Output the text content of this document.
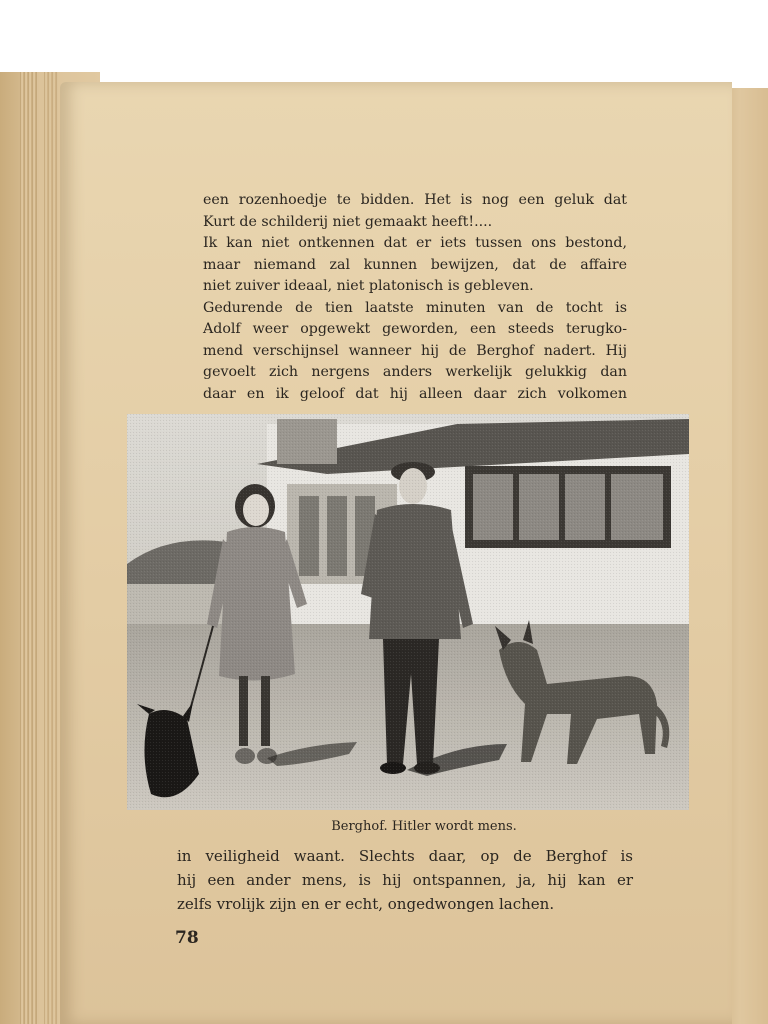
een rozenhoedje te bidden. Het is nog een geluk dat
Kurt de schilderij niet gemaakt heeft!....
Ik kan niet ontkennen dat er iets tussen ons bestond,
maar niemand zal kunnen bewijzen, dat de affaire
niet zuiver ideaal, niet platonisch is gebleven.
Gedurende de tien laatste minuten van de tocht is
Adolf weer opgewekt geworden, een steeds terugko-
mend verschijnsel wanneer hij de Berghof nadert. Hij
gevoelt zich nergens anders werkelijk gelukkig dan
daar en ik geloof dat hij alleen daar zich volkomen
Berghof. Hitler wordt mens.
in veiligheid waant. Slechts daar, op de Berghof is
hij een ander mens, is hij ontspannen, ja, hij kan er
zelfs vrolijk zijn en er echt, ongedwongen lachen.
78
